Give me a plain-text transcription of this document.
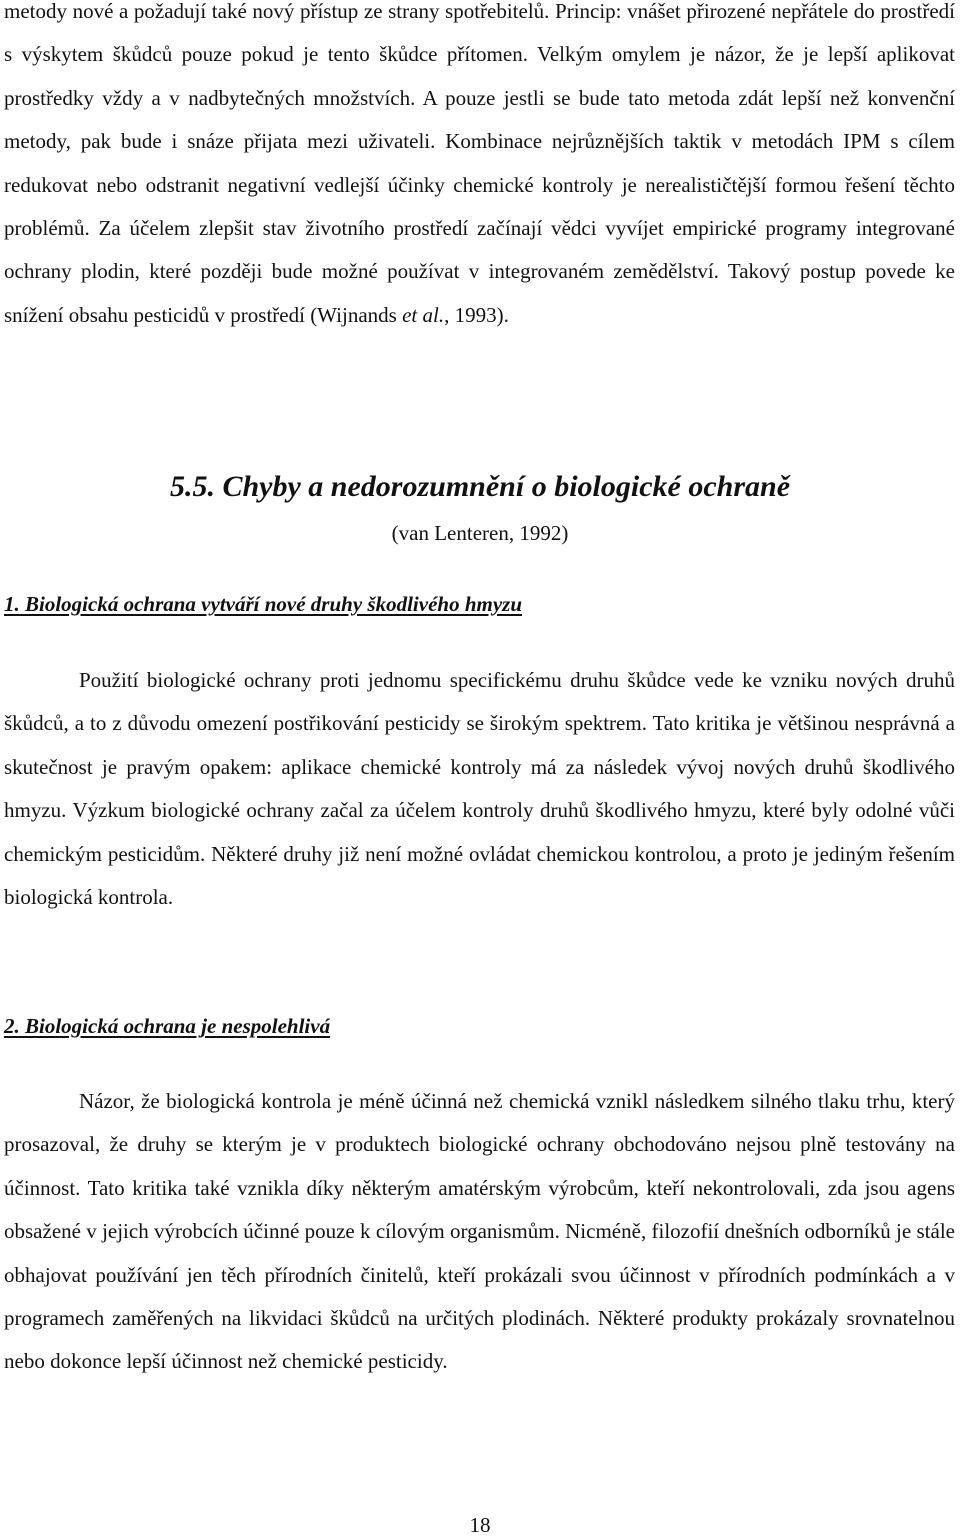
metody nové a požadují také nový přístup ze strany spotřebitelů. Princip: vnášet přirozené nepřátele do prostředí s výskytem škůdců pouze pokud je tento škůdce přítomen. Velkým omylem je názor, že je lepší aplikovat prostředky vždy a v nadbytečných množstvích. A pouze jestli se bude tato metoda zdát lepší než konvenční metody, pak bude i snáze přijata mezi uživateli. Kombinace nejrůznějších taktik v metodách IPM s cílem redukovat nebo odstranit negativní vedlejší účinky chemické kontroly je nerealističtější formou řešení těchto problémů. Za účelem zlepšit stav životního prostředí začínají vědci vyvíjet empirické programy integrované ochrany plodin, které později bude možné používat v integrovaném zemědělství. Takový postup povede ke snížení obsahu pesticidů v prostředí (Wijnands et al., 1993).

5.5. Chyby a nedorozumnění o biologické ochraně
(van Lenteren, 1992)
1. Biologická ochrana vytváří nové druhy škodlivého hmyzu

Použití biologické ochrany proti jednomu specifickému druhu škůdce vede ke vzniku nových druhů škůdců, a to z důvodu omezení postřikování pesticidy se širokým spektrem. Tato kritika je většinou nesprávná a skutečnost je pravým opakem: aplikace chemické kontroly má za následek vývoj nových druhů škodlivého hmyzu. Výzkum biologické ochrany začal za účelem kontroly druhů škodlivého hmyzu, které byly odolné vůči chemickým pesticidům. Některé druhy již není možné ovládat chemickou kontrolou, a proto je jediným řešením biologická kontrola.

2. Biologická ochrana je nespolehlivá

Názor, že biologická kontrola je méně účinná než chemická vznikl následkem silného tlaku trhu, který prosazoval, že druhy se kterým je v produktech biologické ochrany obchodováno nejsou plně testovány na účinnost. Tato kritika také vznikla díky některým amatérským výrobcům, kteří nekontrolovali, zda jsou agens obsažené v jejich výrobcích účinné pouze k cílovým organismům. Nicméně, filozofií dnešních odborníků je stále obhajovat používání jen těch přírodních činitelů, kteří prokázali svou účinnost v přírodních podmínkách a v programech zaměřených na likvidaci škůdců na určitých plodinách. Některé produkty prokázaly srovnatelnou nebo dokonce lepší účinnost než chemické pesticidy.

18
